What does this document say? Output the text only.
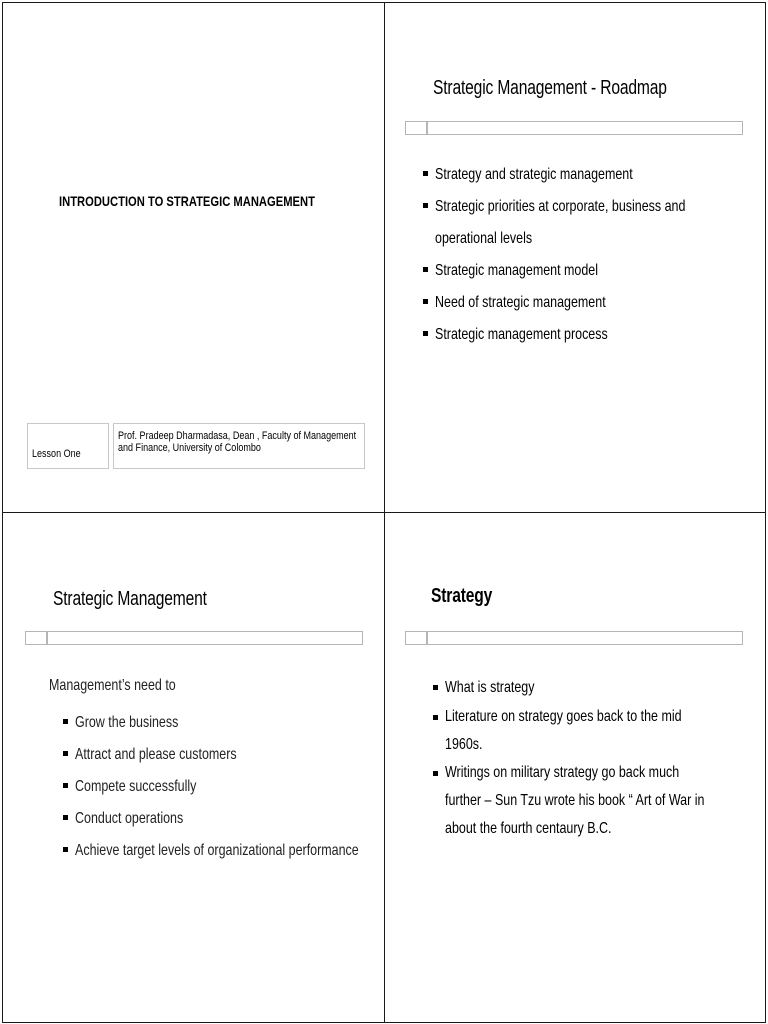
INTRODUCTION TO STRATEGIC MANAGEMENT
Lesson One
Prof. Pradeep Dharmadasa, Dean , Faculty of Management
and Finance, University of Colombo
Strategic Management - Roadmap
Strategy and strategic management
Strategic priorities at corporate, business and operational levels
Strategic management model
Need of strategic management
Strategic management process
Strategic Management
Management’s need to
Grow the business
Attract and please customers
Compete successfully
Conduct operations
Achieve target levels of organizational performance
Strategy
What is strategy
Literature on strategy goes back to the mid 1960s.
Writings on military strategy go back much further – Sun Tzu wrote his book “ Art of War in about the fourth centaury B.C.
